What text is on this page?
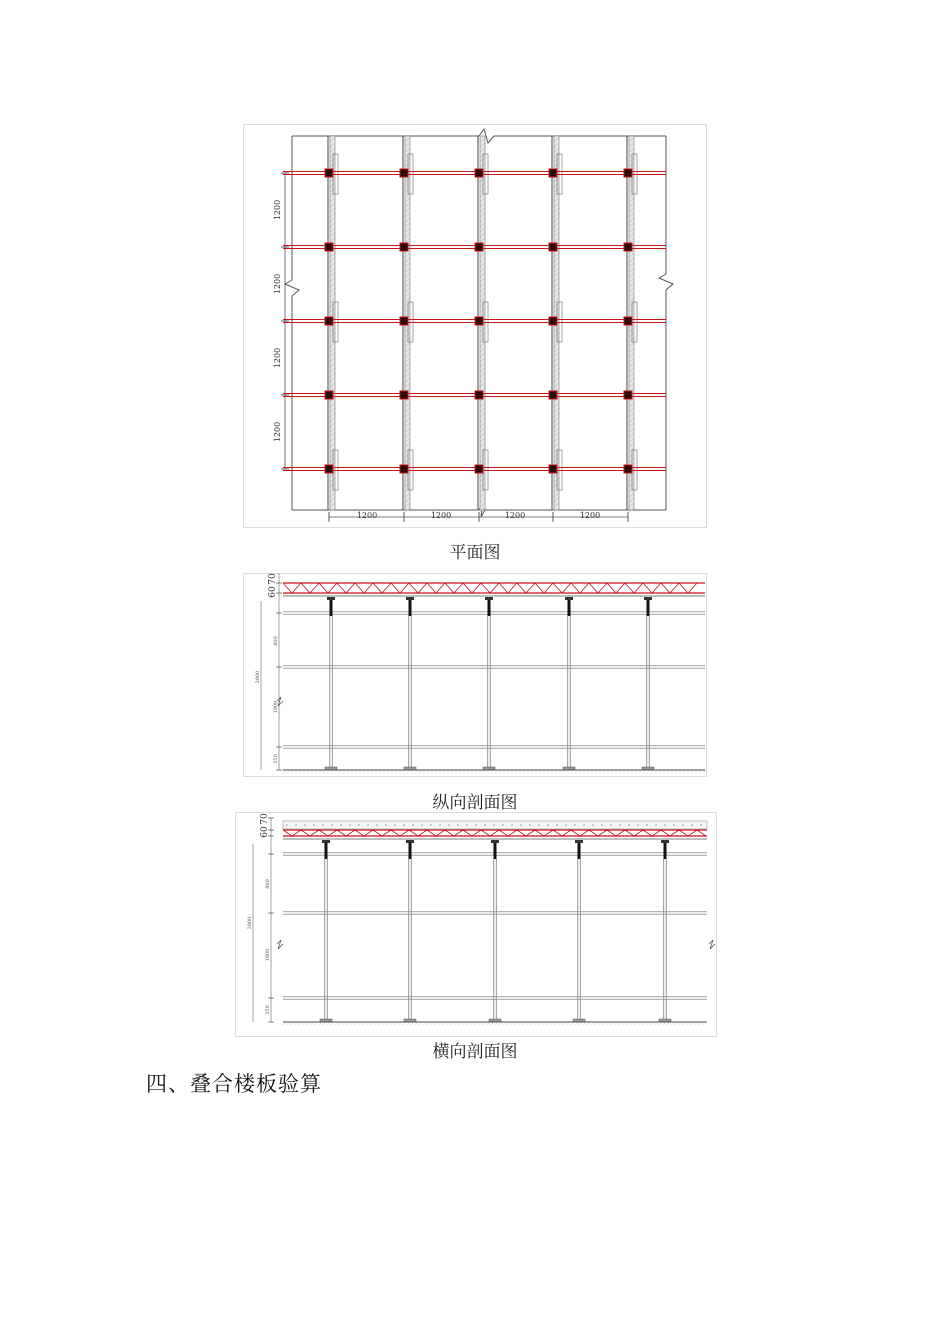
1200
1200
1200
1200
1200	1200	1200	1200
平面图
60
70
800
1800
350
2800
纵向剖面图
60
70
800
1800
350
2800
横向剖面图
四、叠合楼板验算
